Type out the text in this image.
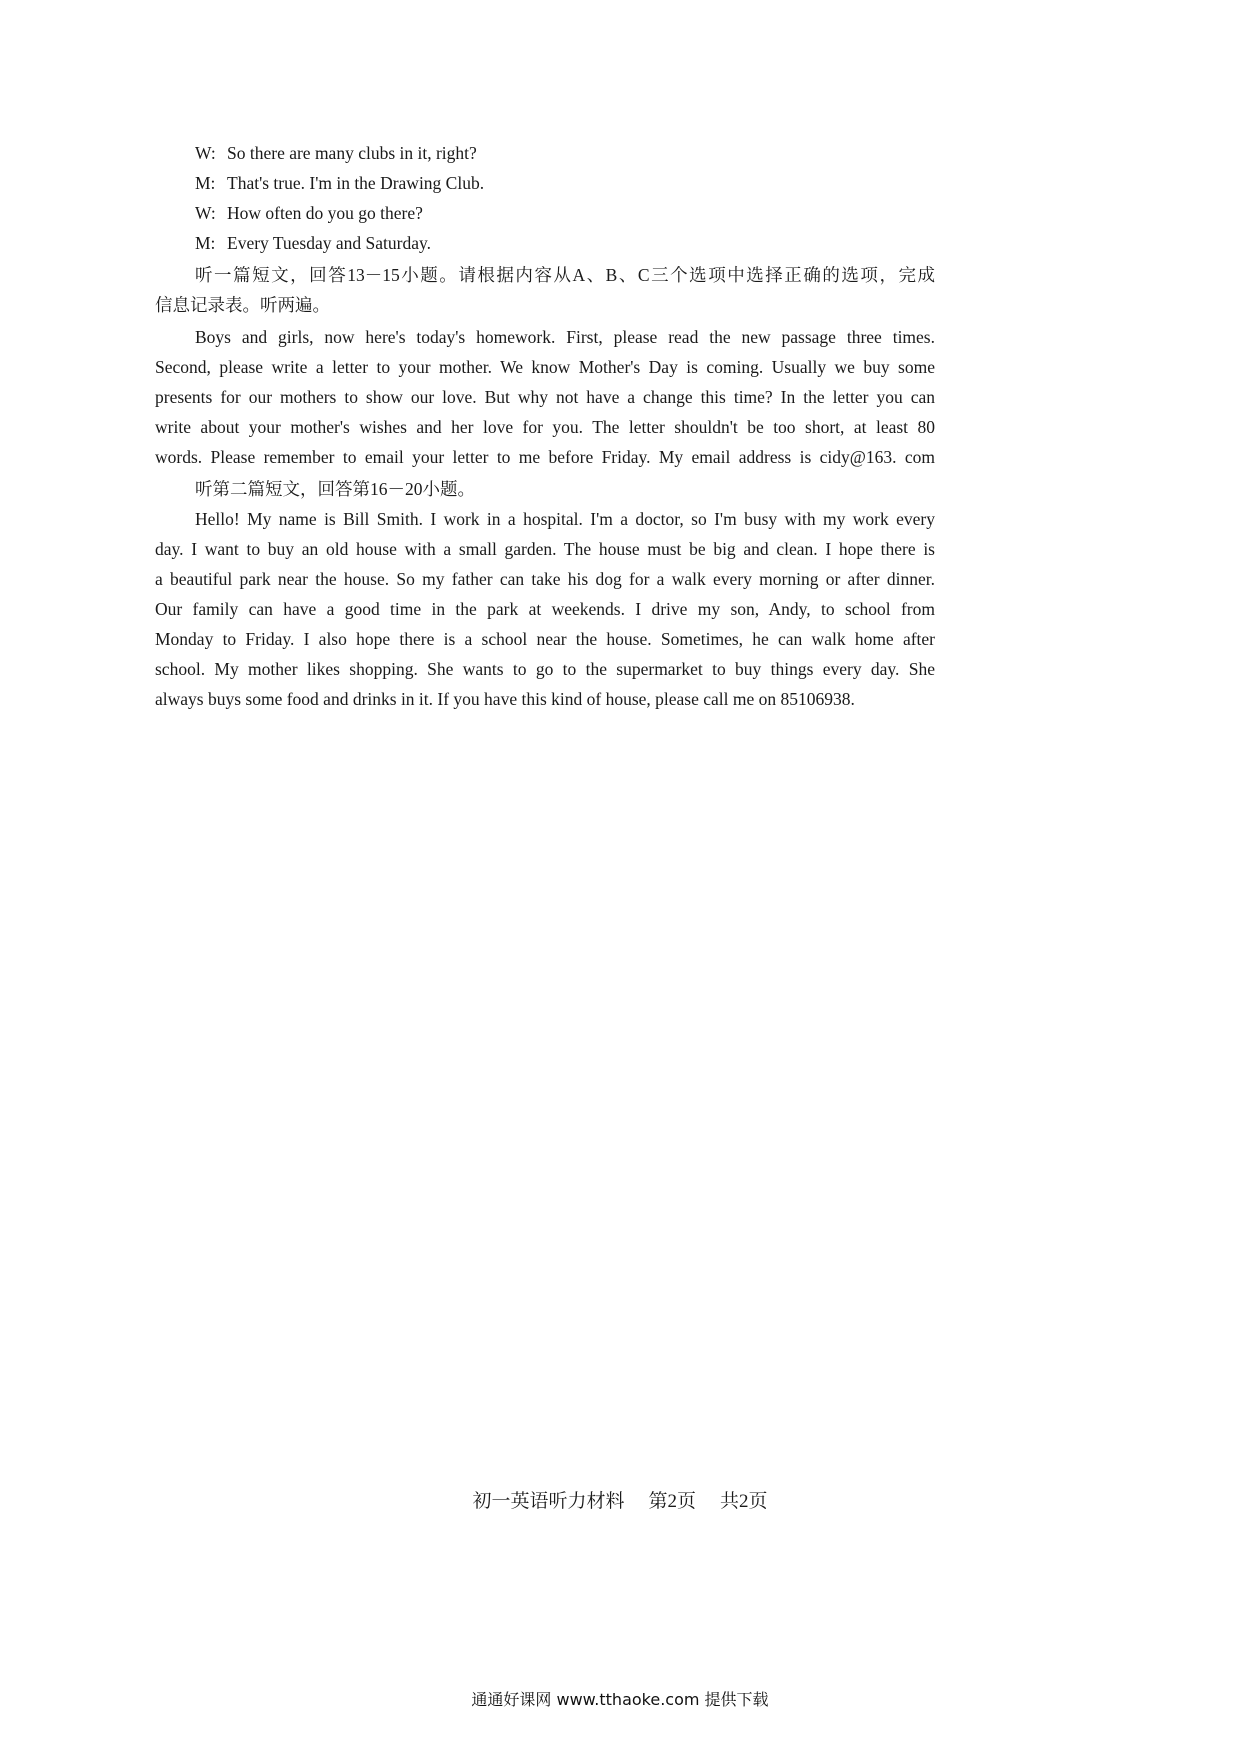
W: So there are many clubs in it, right?
M: That's true. I'm in the Drawing Club.
W: How often do you go there?
M: Every Tuesday and Saturday.
听一篇短文，回答13－15小题。请根据内容从A、B、C三个选项中选择正确的选项，完成
信息记录表。听两遍。
Boys and girls, now here's today's homework. First, please read the new passage three times.
Second, please write a letter to your mother. We know Mother's Day is coming. Usually we buy some
presents for our mothers to show our love. But why not have a change this time? In the letter you can
write about your mother's wishes and her love for you. The letter shouldn't be too short, at least 80
words. Please remember to email your letter to me before Friday. My email address is cidy@163. com
听第二篇短文，回答第16－20小题。
Hello! My name is Bill Smith. I work in a hospital. I'm a doctor, so I'm busy with my work every
day. I want to buy an old house with a small garden. The house must be big and clean. I hope there is
a beautiful park near the house. So my father can take his dog for a walk every morning or after dinner.
Our family can have a good time in the park at weekends. I drive my son, Andy, to school from
Monday to Friday. I also hope there is a school near the house. Sometimes, he can walk home after
school. My mother likes shopping. She wants to go to the supermarket to buy things every day. She
always buys some food and drinks in it. If you have this kind of house, please call me on 85106938.
初一英语听力材料 第2页 共2页
通通好课网 www.tthaoke.com 提供下载
